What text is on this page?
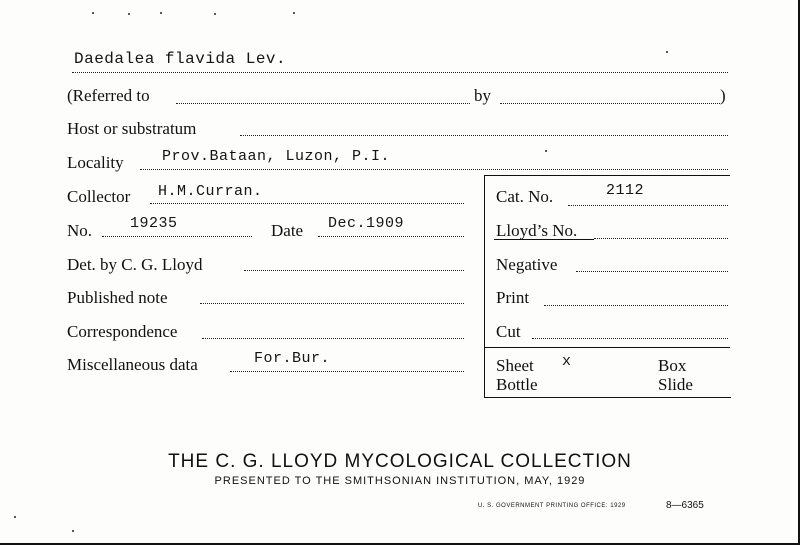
Daedalea flavida Lev.
(Referred to	by	)
Host or substratum
Locality	Prov.Bataan, Luzon, P.I.
Collector H.M.Curran.
No.	19235	Date Dec.1909
Det. by C. G. Lloyd
Published note
Correspondence
Miscellaneous data	For.Bur.
Cat. No.	2112
Lloyd’s No.
Negative
Print
Cut
Sheet x	Box
Bottle	Slide
THE C. G. LLOYD MYCOLOGICAL COLLECTION
PRESENTED TO THE SMITHSONIAN INSTITUTION, MAY, 1929
U. S. GOVERNMENT PRINTING OFFICE: 1929	8—6365
